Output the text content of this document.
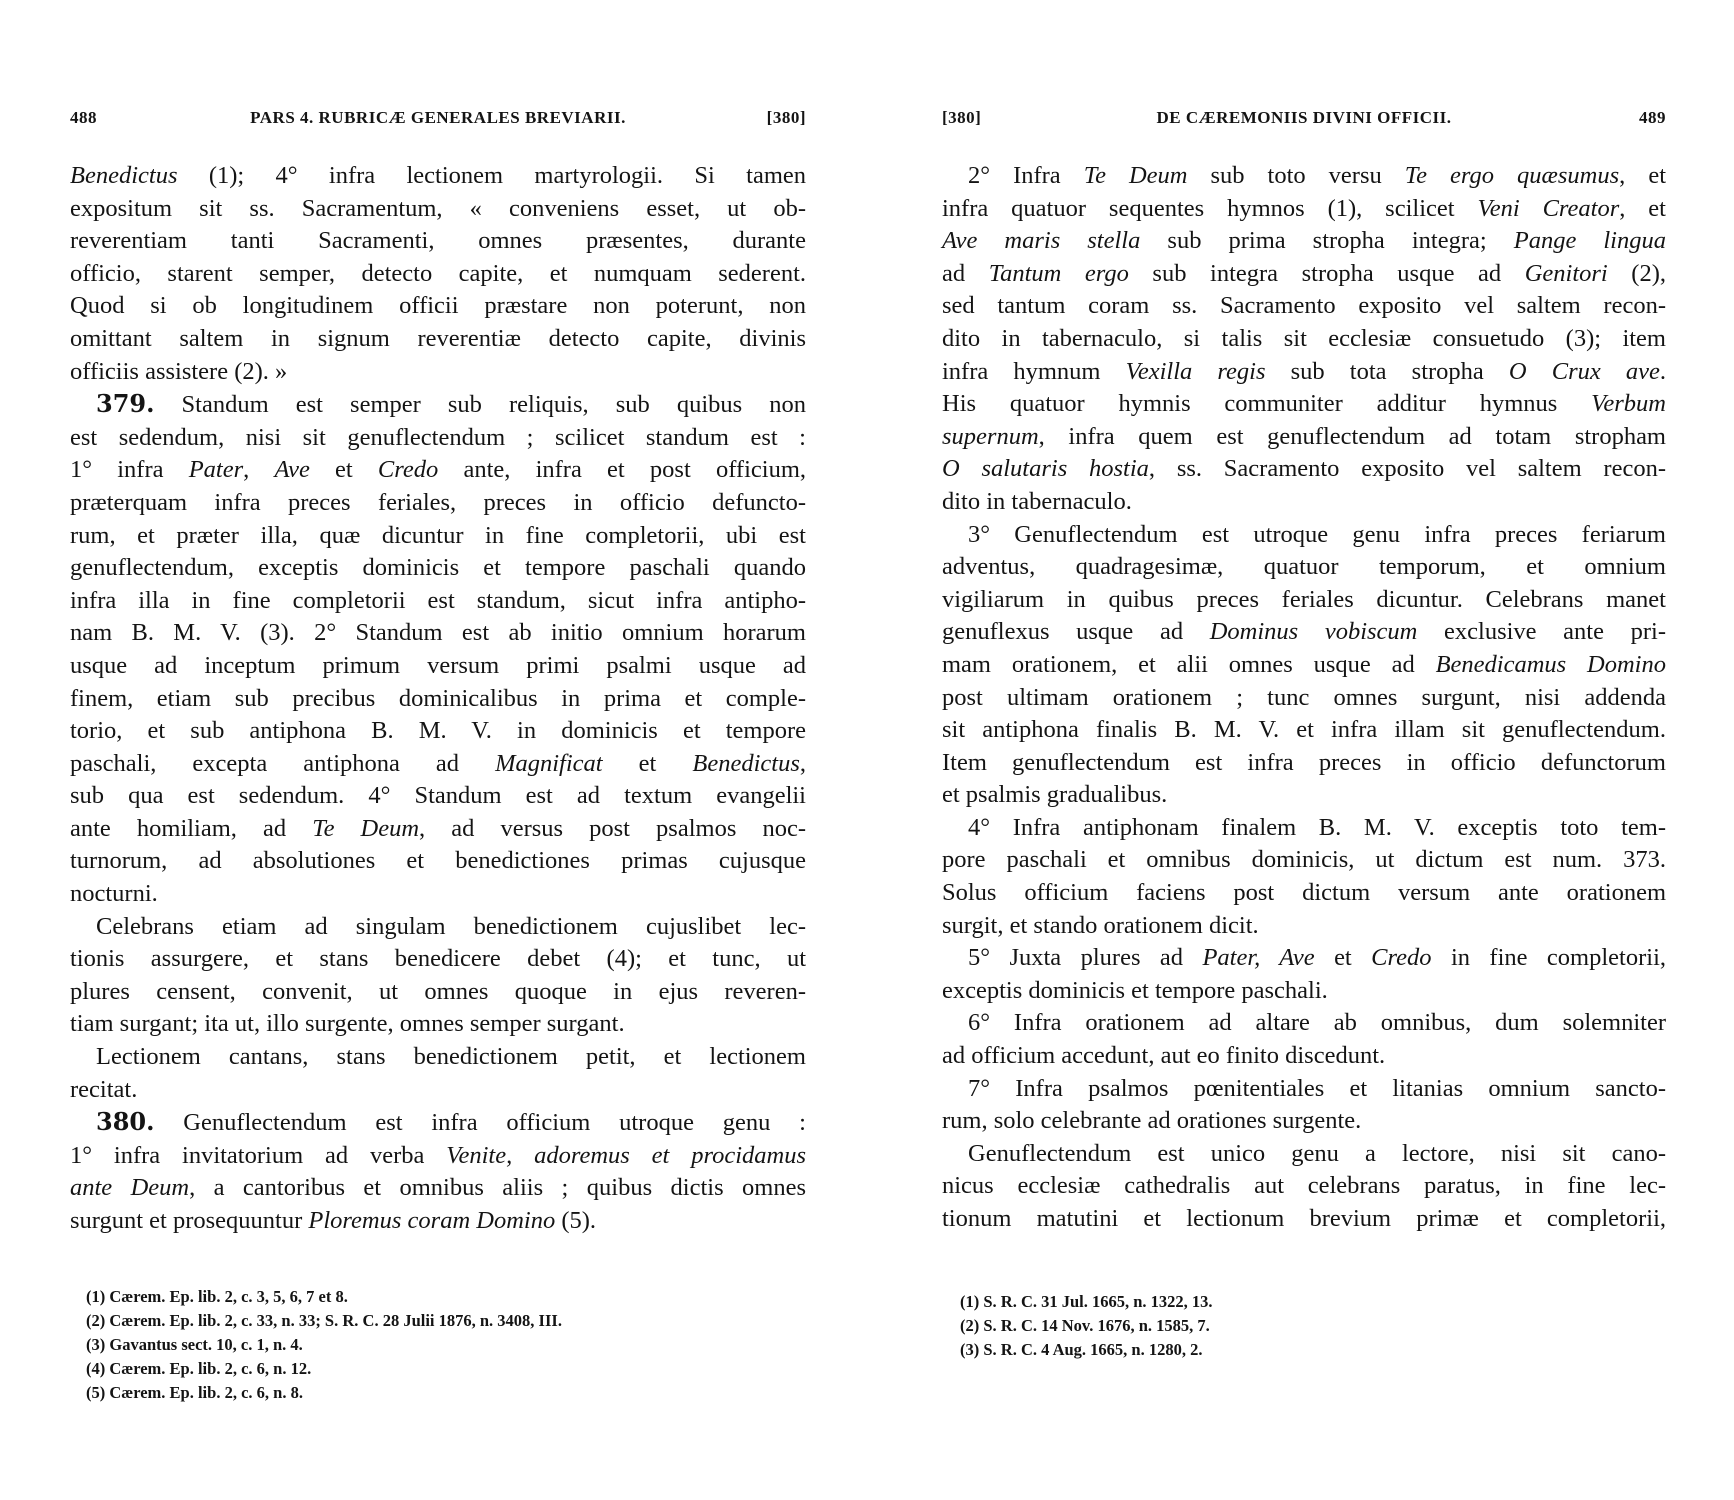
488	PARS 4. RUBRICÆ GENERALES BREVIARII.	[380]
Benedictus (1); 4° infra lectionem martyrologii. Si tamen
expositum sit ss. Sacramentum, « conveniens esset, ut ob-
reverentiam tanti Sacramenti, omnes præsentes, durante
officio, starent semper, detecto capite, et numquam sederent.
Quod si ob longitudinem officii præstare non poterunt, non
omittant saltem in signum reverentiæ detecto capite, divinis
officiis assistere (2). »
379. Standum est semper sub reliquis, sub quibus non
est sedendum, nisi sit genuflectendum ; scilicet standum est :
1° infra Pater, Ave et Credo ante, infra et post officium,
præterquam infra preces feriales, preces in officio defuncto-
rum, et præter illa, quæ dicuntur in fine completorii, ubi est
genuflectendum, exceptis dominicis et tempore paschali quando
infra illa in fine completorii est standum, sicut infra antipho-
nam B. M. V. (3). 2° Standum est ab initio omnium horarum
usque ad inceptum primum versum primi psalmi usque ad
finem, etiam sub precibus dominicalibus in prima et comple-
torio, et sub antiphona B. M. V. in dominicis et tempore
paschali, excepta antiphona ad Magnificat et Benedictus,
sub qua est sedendum. 4° Standum est ad textum evangelii
ante homiliam, ad Te Deum, ad versus post psalmos noc-
turnorum, ad absolutiones et benedictiones primas cujusque
nocturni.
Celebrans etiam ad singulam benedictionem cujuslibet lec-
tionis assurgere, et stans benedicere debet (4); et tunc, ut
plures censent, convenit, ut omnes quoque in ejus reveren-
tiam surgant; ita ut, illo surgente, omnes semper surgant.
Lectionem cantans, stans benedictionem petit, et lectionem
recitat.
380. Genuflectendum est infra officium utroque genu :
1° infra invitatorium ad verba Venite, adoremus et procidamus
ante Deum, a cantoribus et omnibus aliis ; quibus dictis omnes
surgunt et prosequuntur Ploremus coram Domino (5).
(1) Cærem. Ep. lib. 2, c. 3, 5, 6, 7 et 8.
(2) Cærem. Ep. lib. 2, c. 33, n. 33; S. R. C. 28 Julii 1876, n. 3408, III.
(3) Gavantus sect. 10, c. 1, n. 4.
(4) Cærem. Ep. lib. 2, c. 6, n. 12.
(5) Cærem. Ep. lib. 2, c. 6, n. 8.
[380]	DE CÆREMONIIS DIVINI OFFICII.	489
2° Infra Te Deum sub toto versu Te ergo quæsumus, et
infra quatuor sequentes hymnos (1), scilicet Veni Creator, et
Ave maris stella sub prima stropha integra; Pange lingua
ad Tantum ergo sub integra stropha usque ad Genitori (2),
sed tantum coram ss. Sacramento exposito vel saltem recon-
dito in tabernaculo, si talis sit ecclesiæ consuetudo (3); item
infra hymnum Vexilla regis sub tota stropha O Crux ave.
His quatuor hymnis communiter additur hymnus Verbum
supernum, infra quem est genuflectendum ad totam stropham
O salutaris hostia, ss. Sacramento exposito vel saltem recon-
dito in tabernaculo.
3° Genuflectendum est utroque genu infra preces feriarum
adventus, quadragesimæ, quatuor temporum, et omnium
vigiliarum in quibus preces feriales dicuntur. Celebrans manet
genuflexus usque ad Dominus vobiscum exclusive ante pri-
mam orationem, et alii omnes usque ad Benedicamus Domino
post ultimam orationem ; tunc omnes surgunt, nisi addenda
sit antiphona finalis B. M. V. et infra illam sit genuflectendum.
Item genuflectendum est infra preces in officio defunctorum
et psalmis gradualibus.
4° Infra antiphonam finalem B. M. V. exceptis toto tem-
pore paschali et omnibus dominicis, ut dictum est num. 373.
Solus officium faciens post dictum versum ante orationem
surgit, et stando orationem dicit.
5° Juxta plures ad Pater, Ave et Credo in fine completorii,
exceptis dominicis et tempore paschali.
6° Infra orationem ad altare ab omnibus, dum solemniter
ad officium accedunt, aut eo finito discedunt.
7° Infra psalmos pœnitentiales et litanias omnium sancto-
rum, solo celebrante ad orationes surgente.
Genuflectendum est unico genu a lectore, nisi sit cano-
nicus ecclesiæ cathedralis aut celebrans paratus, in fine lec-
tionum matutini et lectionum brevium primæ et completorii,
(1) S. R. C. 31 Jul. 1665, n. 1322, 13.
(2) S. R. C. 14 Nov. 1676, n. 1585, 7.
(3) S. R. C. 4 Aug. 1665, n. 1280, 2.
